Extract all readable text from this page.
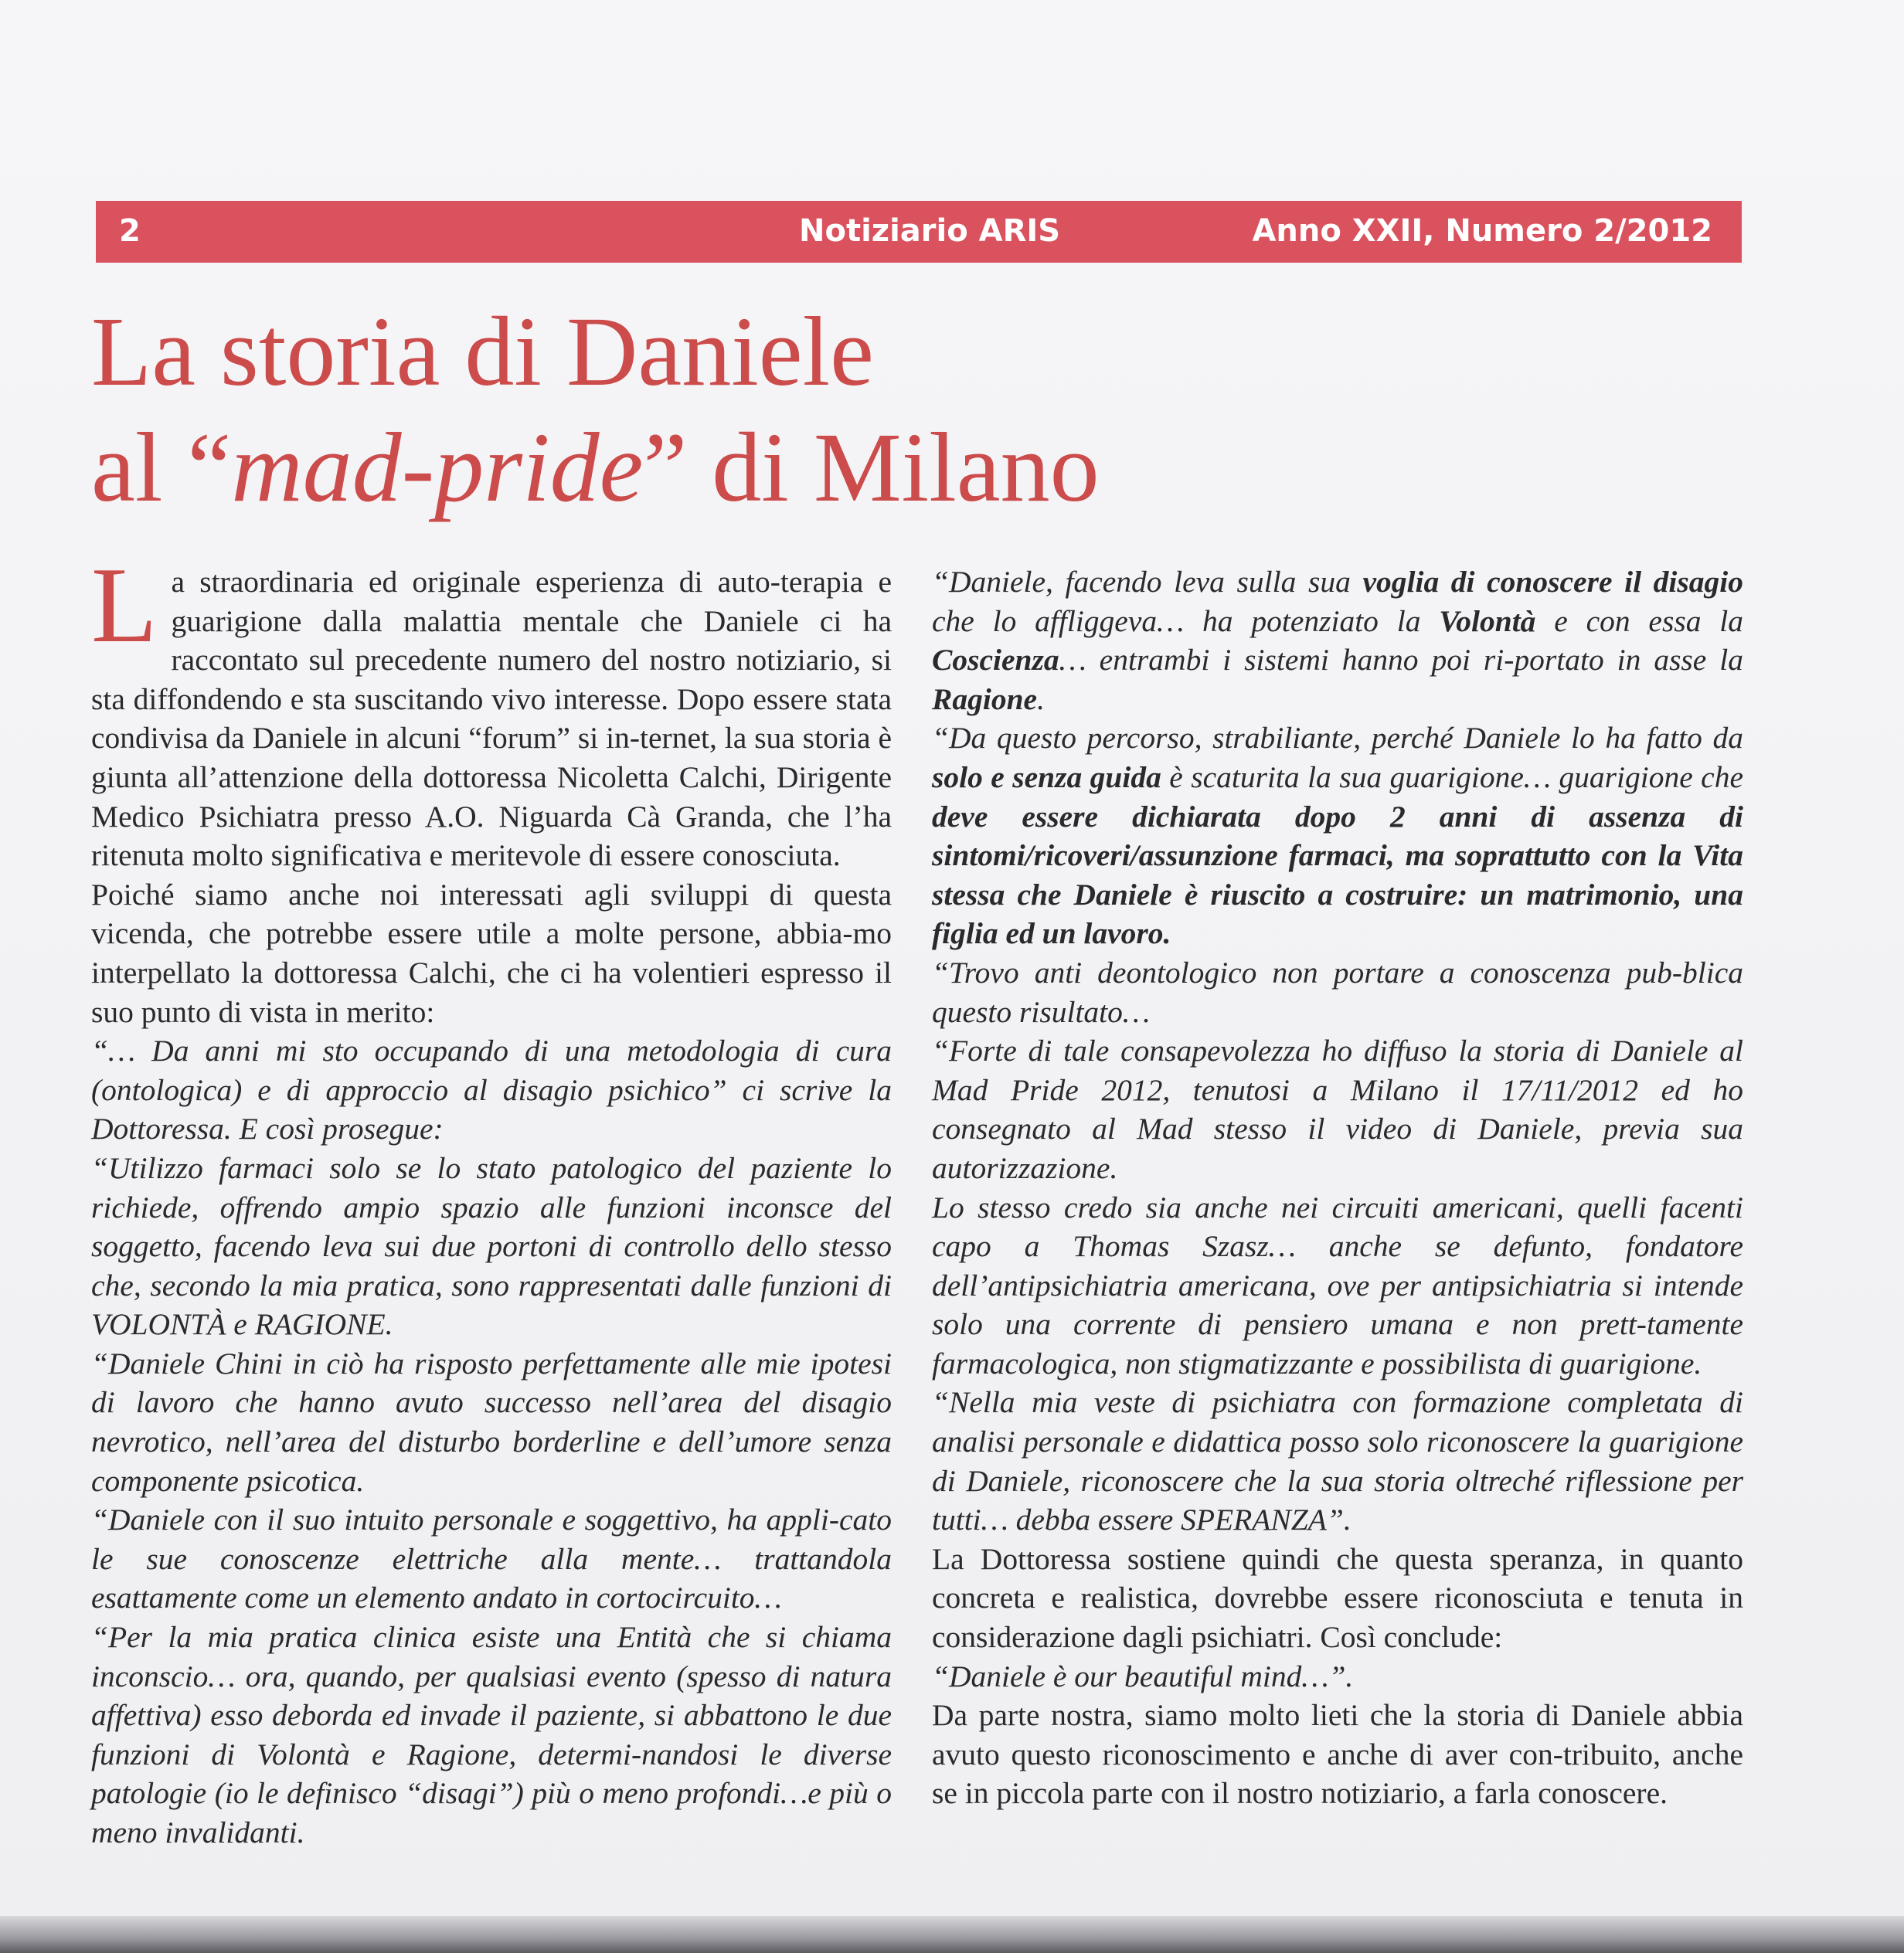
2	Notiziario ARIS	Anno XXII, Numero 2/2012
La storia di Daniele
al “mad-pride” di Milano

La straordinaria ed originale esperienza di auto-terapia e guarigione dalla malattia mentale che Daniele ci ha raccontato sul precedente numero del nostro notiziario, si sta diffondendo e sta suscitando vivo interesse. Dopo essere stata condivisa da Daniele in alcuni “forum” si in-ternet, la sua storia è giunta all’attenzione della dottoressa Nicoletta Calchi, Dirigente Medico Psichiatra presso A.O. Niguarda Cà Granda, che l’ha ritenuta molto significativa e meritevole di essere conosciuta.

Poiché siamo anche noi interessati agli sviluppi di questa vicenda, che potrebbe essere utile a molte persone, abbia-mo interpellato la dottoressa Calchi, che ci ha volentieri espresso il suo punto di vista in merito:

“… Da anni mi sto occupando di una metodologia di cura (ontologica) e di approccio al disagio psichico” ci scrive la Dottoressa. E così prosegue:

“Utilizzo farmaci solo se lo stato patologico del paziente lo richiede, offrendo ampio spazio alle funzioni inconsce del soggetto, facendo leva sui due portoni di controllo dello stesso che, secondo la mia pratica, sono rappresentati dalle funzioni di VOLONTÀ e RAGIONE.

“Daniele Chini in ciò ha risposto perfettamente alle mie ipotesi di lavoro che hanno avuto successo nell’area del disagio nevrotico, nell’area del disturbo borderline e dell’umore senza componente psicotica.

“Daniele con il suo intuito personale e soggettivo, ha appli-cato le sue conoscenze elettriche alla mente… trattandola esattamente come un elemento andato in cortocircuito…

“Per la mia pratica clinica esiste una Entità che si chiama inconscio… ora, quando, per qualsiasi evento (spesso di natura affettiva) esso deborda ed invade il paziente, si abbattono le due funzioni di Volontà e Ragione, determi-nandosi le diverse patologie (io le definisco “disagi”) più o meno profondi…e più o meno invalidanti.

“Daniele, facendo leva sulla sua voglia di conoscere il disagio che lo affliggeva… ha potenziato la Volontà e con essa la Coscienza… entrambi i sistemi hanno poi ri-portato in asse la Ragione.

“Da questo percorso, strabiliante, perché Daniele lo ha fatto da solo e senza guida è scaturita la sua guarigione… guarigione che deve essere dichiarata dopo 2 anni di assenza di sintomi/ricoveri/assunzione farmaci, ma soprattutto con la Vita stessa che Daniele è riuscito a costruire: un matrimonio, una figlia ed un lavoro.

“Trovo anti deontologico non portare a conoscenza pub-blica questo risultato…

“Forte di tale consapevolezza ho diffuso la storia di Daniele al Mad Pride 2012, tenutosi a Milano il 17/11/2012 ed ho consegnato al Mad stesso il video di Daniele, previa sua autorizzazione.

Lo stesso credo sia anche nei circuiti americani, quelli facenti capo a Thomas Szasz… anche se defunto, fondatore dell’antipsichiatria americana, ove per antipsichiatria si intende solo una corrente di pensiero umana e non prett-tamente farmacologica, non stigmatizzante e possibilista di guarigione.

“Nella mia veste di psichiatra con formazione completata di analisi personale e didattica posso solo riconoscere la guarigione di Daniele, riconoscere che la sua storia oltreché riflessione per tutti… debba essere SPERANZA”.

La Dottoressa sostiene quindi che questa speranza, in quanto concreta e realistica, dovrebbe essere riconosciuta e tenuta in considerazione dagli psichiatri. Così conclude:

“Daniele è our beautiful mind…”.

Da parte nostra, siamo molto lieti che la storia di Daniele abbia avuto questo riconoscimento e anche di aver con-tribuito, anche se in piccola parte con il nostro notiziario, a farla conoscere.
